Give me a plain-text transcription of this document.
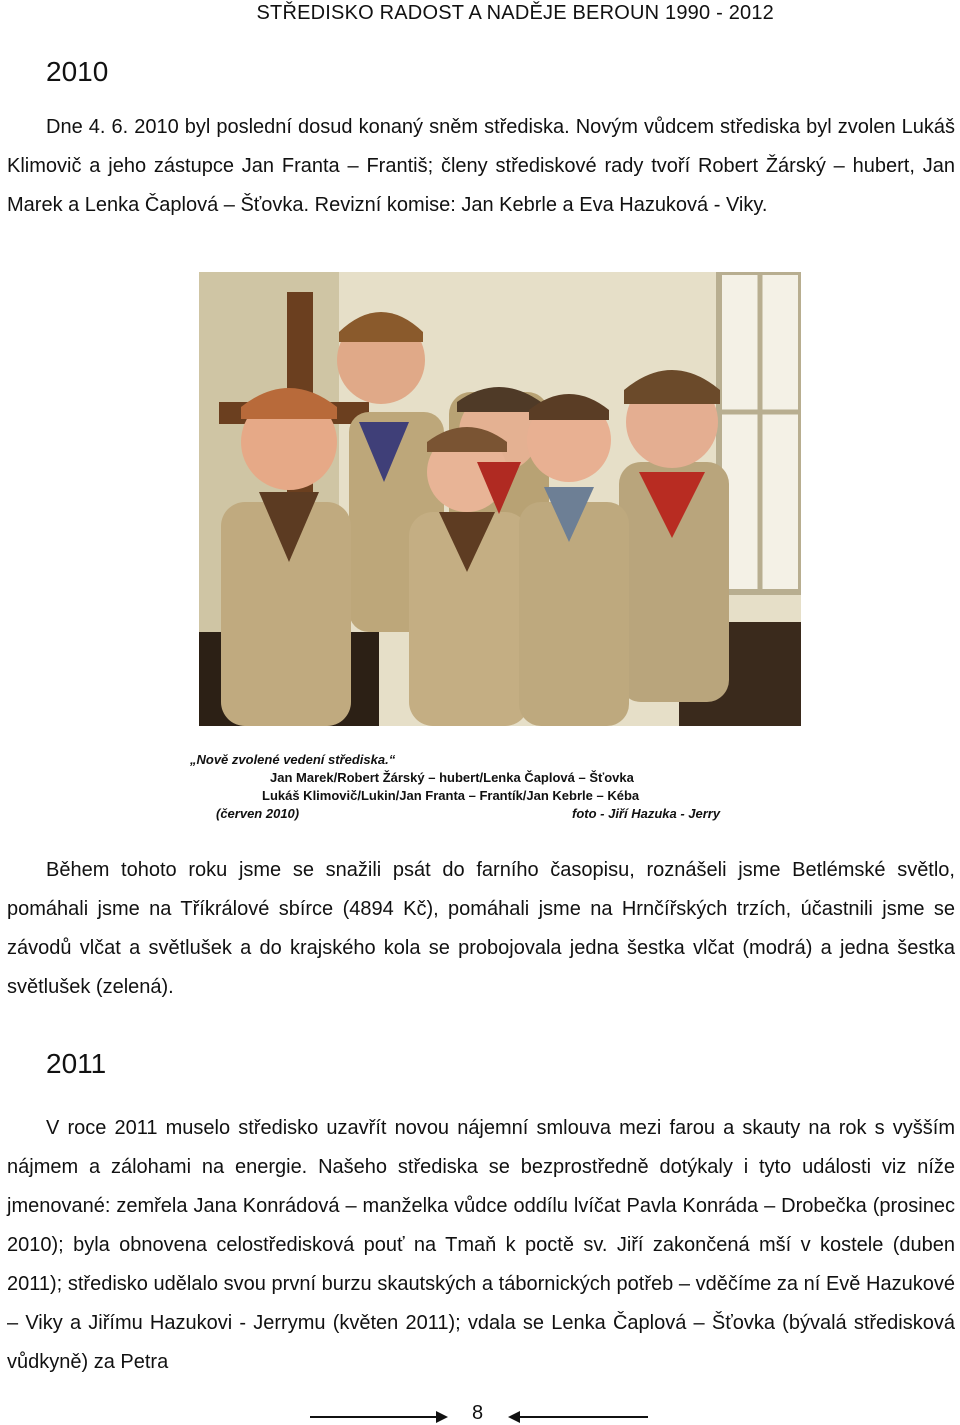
STŘEDISKO RADOST A NADĚJE BEROUN 1990 - 2012
2010
Dne 4. 6. 2010 byl poslední dosud konaný sněm střediska. Novým vůdcem střediska byl zvolen Lukáš Klimovič a jeho zástupce Jan Franta – Františ; členy střediskové rady tvoří Robert Žárský – hubert, Jan Marek a Lenka Čaplová – Šťovka. Revizní komise: Jan Kebrle a Eva Hazuková - Viky.
„Nově zvolené vedení střediska.“
Jan Marek/Robert Žárský – hubert/Lenka Čaplová – Šťovka
Lukáš Klimovič/Lukin/Jan Franta – Frantík/Jan Kebrle – Kéba
(červen 2010)	foto - Jiří Hazuka - Jerry
Během tohoto roku jsme se snažili psát do farního časopisu, roznášeli jsme Betlémské světlo, pomáhali jsme na Tříkrálové sbírce (4894 Kč), pomáhali jsme na Hrnčířských trzích, účastnili jsme se závodů vlčat a světlušek a do krajského kola se probojovala jedna šestka vlčat (modrá) a jedna šestka světlušek (zelená).
2011
V roce 2011 muselo středisko uzavřít novou nájemní smlouva mezi farou a skauty na rok s vyšším nájmem a zálohami na energie. Našeho střediska se bezprostředně dotýkaly i tyto události viz níže jmenované: zemřela Jana Konrádová – manželka vůdce oddílu lvíčat Pavla Konráda – Drobečka (prosinec 2010); byla obnovena celostředisková pouť na Tmaň k poctě sv. Jiří zakončená mší v kostele (duben 2011); středisko udělalo svou první burzu skautských a tábornických potřeb – vděčíme za ní Evě Hazukové – Viky a Jiřímu Hazukovi - Jerrymu (květen 2011); vdala se Lenka Čaplová – Šťovka (bývalá středisková vůdkyně) za Petra
8
